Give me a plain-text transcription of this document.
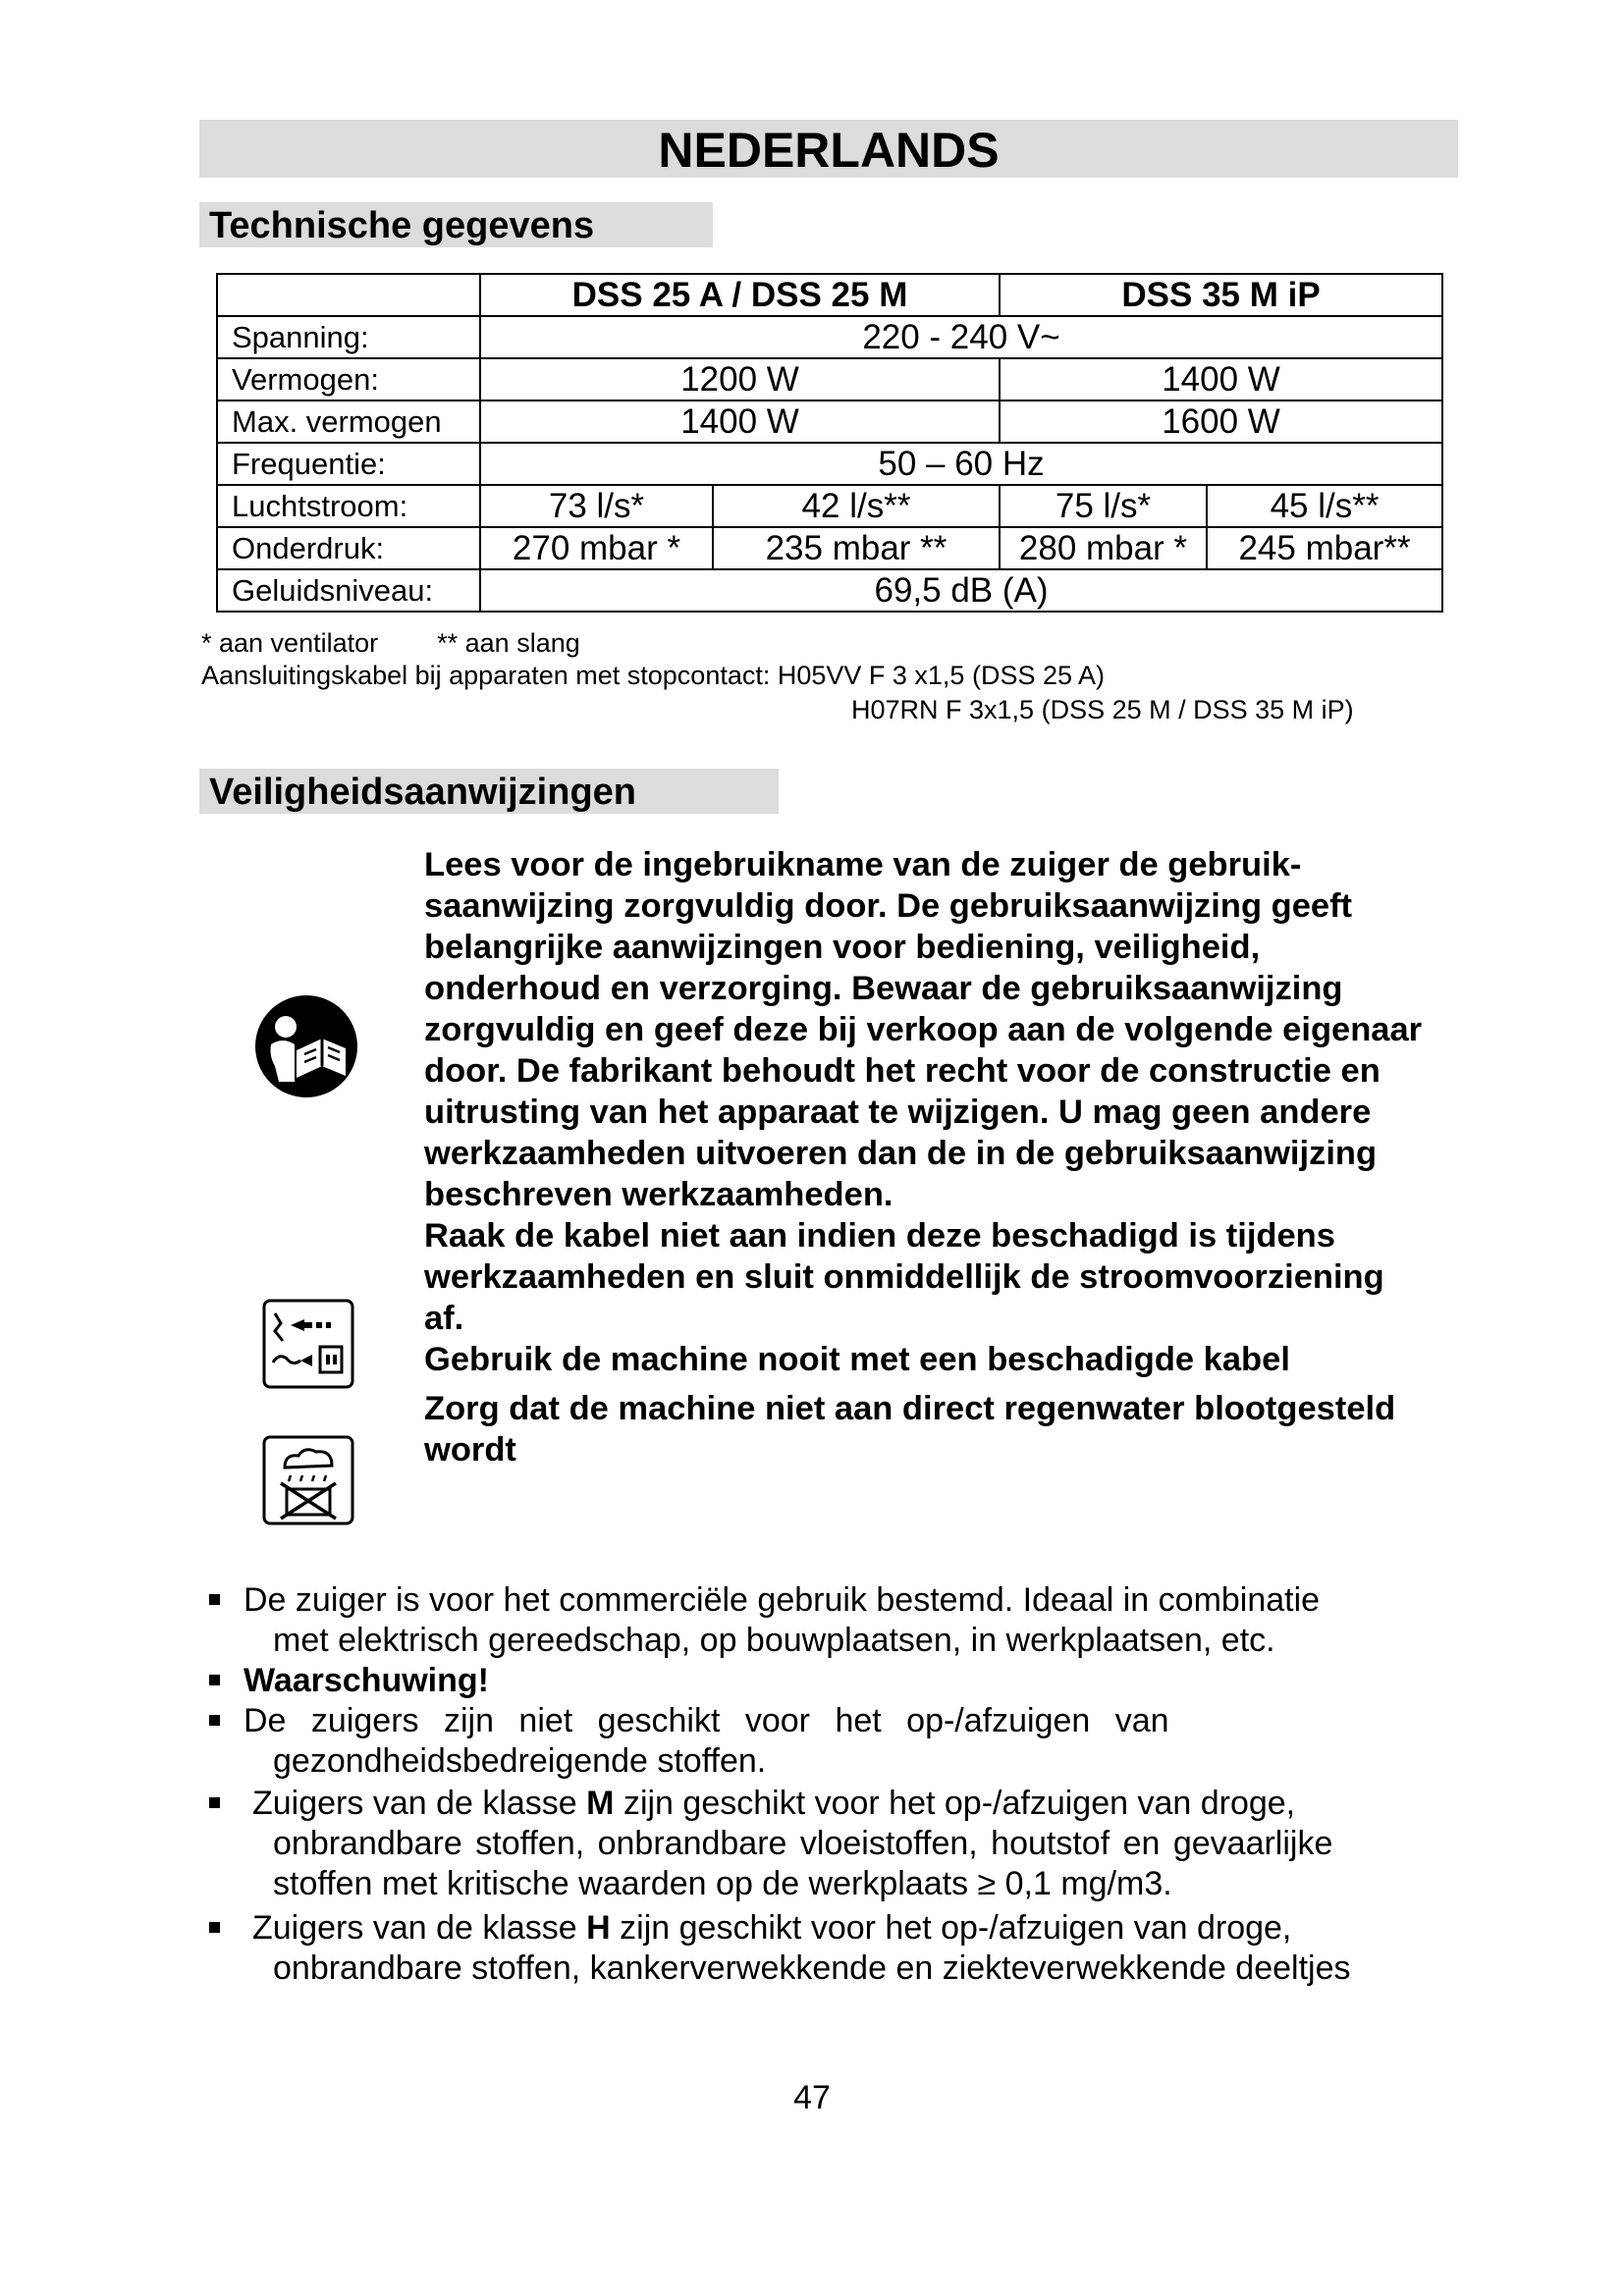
NEDERLANDS
Technische gegevens
	DSS 25 A / DSS 25 M		DSS 35 M iP	
Spanning:	220 - 240 V~			
Vermogen:	1200 W		1400 W	
Max. vermogen	1400 W		1600 W	
Frequentie:	50 – 60 Hz			
Luchtstroom:	73 l/s*	42 l/s**	75 l/s*	45 l/s**
Onderdruk:	270 mbar *	235 mbar **	280 mbar *	245 mbar**
Geluidsniveau:	69,5 dB (A)			
* aan ventilator ** aan slang
Aansluitingskabel bij apparaten met stopcontact: H05VV F 3 x1,5 (DSS 25 A)
H07RN F 3x1,5 (DSS 25 M / DSS 35 M iP)
Veiligheidsaanwijzingen

Lees voor de ingebruikname van de zuiger de gebruiksaanwijzing zorgvuldig door. De gebruiksaanwijzing geeft belangrijke aanwijzingen voor bediening, veiligheid, onderhoud en verzorging. Bewaar de gebruiksaanwijzing zorgvuldig en geef deze bij verkoop aan de volgende eigenaar door. De fabrikant behoudt het recht voor de constructie en uitrusting van het apparaat te wijzigen. U mag geen andere werkzaamheden uitvoeren dan de in de gebruiksaanwijzing beschreven werkzaamheden.

Raak de kabel niet aan indien deze beschadigd is tijdens werkzaamheden en sluit onmiddellijk de stroomvoorziening af.

Gebruik de machine nooit met een beschadigde kabel

Zorg dat de machine niet aan direct regenwater blootgesteld wordt

De zuiger is voor het commerciële gebruik bestemd. Ideaal in combinatie
met elektrisch gereedschap, op bouwplaatsen, in werkplaatsen, etc.
Waarschuwing!
De zuigers zijn niet geschikt voor het op-/afzuigen van
gezondheidsbedreigende stoffen.
Zuigers van de klasse M zijn geschikt voor het op-/afzuigen van droge,
onbrandbare stoffen, onbrandbare vloeistoffen, houtstof en gevaarlijke
stoffen met kritische waarden op de werkplaats ≥ 0,1 mg/m3.
Zuigers van de klasse H zijn geschikt voor het op-/afzuigen van droge,
onbrandbare stoffen, kankerverwekkende en ziekteverwekkende deeltjes
47
